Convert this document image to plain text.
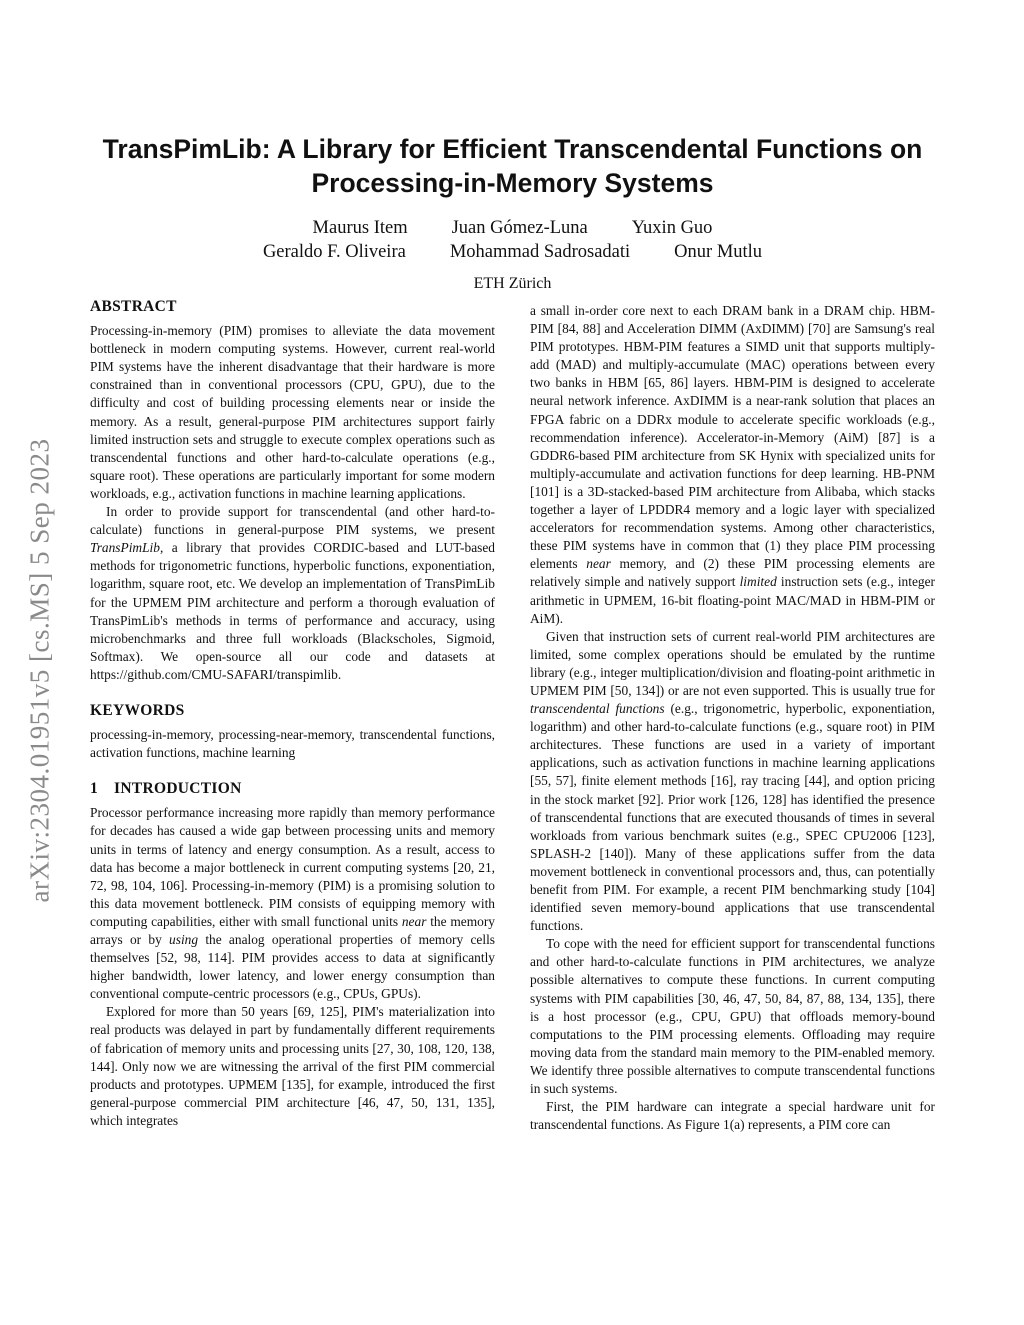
arXiv:2304.01951v5 [cs.MS] 5 Sep 2023
TransPimLib: A Library for Efficient Transcendental Functions on Processing-in-Memory Systems
Maurus Item Juan Gómez-Luna Yuxin Guo
Geraldo F. Oliveira Mohammad Sadrosadati Onur Mutlu
ETH Zürich
ABSTRACT

Processing-in-memory (PIM) promises to alleviate the data movement bottleneck in modern computing systems. However, current real-world PIM systems have the inherent disadvantage that their hardware is more constrained than in conventional processors (CPU, GPU), due to the difficulty and cost of building processing elements near or inside the memory. As a result, general-purpose PIM architectures support fairly limited instruction sets and struggle to execute complex operations such as transcendental functions and other hard-to-calculate operations (e.g., square root). These operations are particularly important for some modern workloads, e.g., activation functions in machine learning applications.

In order to provide support for transcendental (and other hard-to-calculate) functions in general-purpose PIM systems, we present TransPimLib, a library that provides CORDIC-based and LUT-based methods for trigonometric functions, hyperbolic functions, exponentiation, logarithm, square root, etc. We develop an implementation of TransPimLib for the UPMEM PIM architecture and perform a thorough evaluation of TransPimLib's methods in terms of performance and accuracy, using microbenchmarks and three full workloads (Blackscholes, Sigmoid, Softmax). We open-source all our code and datasets at https://github.com/CMU-SAFARI/transpimlib.

KEYWORDS

processing-in-memory, processing-near-memory, transcendental functions, activation functions, machine learning

1 INTRODUCTION

Processor performance increasing more rapidly than memory performance for decades has caused a wide gap between processing units and memory units in terms of latency and energy consumption. As a result, access to data has become a major bottleneck in current computing systems [20, 21, 72, 98, 104, 106]. Processing-in-memory (PIM) is a promising solution to this data movement bottleneck. PIM consists of equipping memory with computing capabilities, either with small functional units near the memory arrays or by using the analog operational properties of memory cells themselves [52, 98, 114]. PIM provides access to data at significantly higher bandwidth, lower latency, and lower energy consumption than conventional compute-centric processors (e.g., CPUs, GPUs).

Explored for more than 50 years [69, 125], PIM's materialization into real products was delayed in part by fundamentally different requirements of fabrication of memory units and processing units [27, 30, 108, 120, 138, 144]. Only now we are witnessing the arrival of the first PIM commercial products and prototypes. UPMEM [135], for example, introduced the first general-purpose commercial PIM architecture [46, 47, 50, 131, 135], which integrates

a small in-order core next to each DRAM bank in a DRAM chip. HBM-PIM [84, 88] and Acceleration DIMM (AxDIMM) [70] are Samsung's real PIM prototypes. HBM-PIM features a SIMD unit that supports multiply-add (MAD) and multiply-accumulate (MAC) operations between every two banks in HBM [65, 86] layers. HBM-PIM is designed to accelerate neural network inference. AxDIMM is a near-rank solution that places an FPGA fabric on a DDRx module to accelerate specific workloads (e.g., recommendation inference). Accelerator-in-Memory (AiM) [87] is a GDDR6-based PIM architecture from SK Hynix with specialized units for multiply-accumulate and activation functions for deep learning. HB-PNM [101] is a 3D-stacked-based PIM architecture from Alibaba, which stacks together a layer of LPDDR4 memory and a logic layer with specialized accelerators for recommendation systems. Among other characteristics, these PIM systems have in common that (1) they place PIM processing elements near memory, and (2) these PIM processing elements are relatively simple and natively support limited instruction sets (e.g., integer arithmetic in UPMEM, 16-bit floating-point MAC/MAD in HBM-PIM or AiM).

Given that instruction sets of current real-world PIM architectures are limited, some complex operations should be emulated by the runtime library (e.g., integer multiplication/division and floating-point arithmetic in UPMEM PIM [50, 134]) or are not even supported. This is usually true for transcendental functions (e.g., trigonometric, hyperbolic, exponentiation, logarithm) and other hard-to-calculate functions (e.g., square root) in PIM architectures. These functions are used in a variety of important applications, such as activation functions in machine learning applications [55, 57], finite element methods [16], ray tracing [44], and option pricing in the stock market [92]. Prior work [126, 128] has identified the presence of transcendental functions that are executed thousands of times in several workloads from various benchmark suites (e.g., SPEC CPU2006 [123], SPLASH-2 [140]). Many of these applications suffer from the data movement bottleneck in conventional processors and, thus, can potentially benefit from PIM. For example, a recent PIM benchmarking study [104] identified seven memory-bound applications that use transcendental functions.

To cope with the need for efficient support for transcendental functions and other hard-to-calculate functions in PIM architectures, we analyze possible alternatives to compute these functions. In current computing systems with PIM capabilities [30, 46, 47, 50, 84, 87, 88, 134, 135], there is a host processor (e.g., CPU, GPU) that offloads memory-bound computations to the PIM processing elements. Offloading may require moving data from the standard main memory to the PIM-enabled memory. We identify three possible alternatives to compute transcendental functions in such systems.

First, the PIM hardware can integrate a special hardware unit for transcendental functions. As Figure 1(a) represents, a PIM core can
